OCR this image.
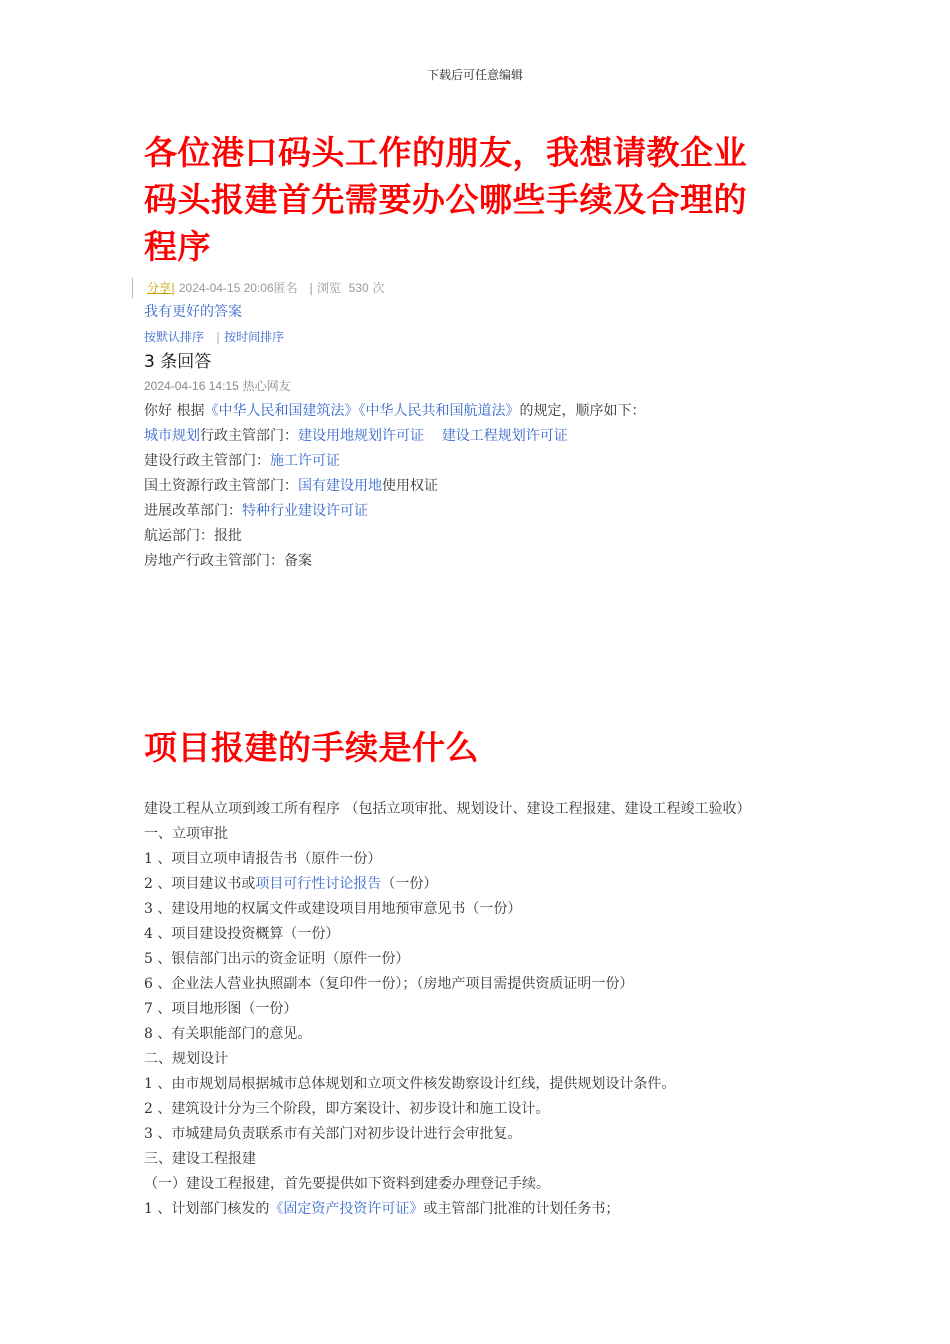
下载后可任意编辑
各位港口码头工作的朋友，我想请教企业
码头报建首先需要办公哪些手续及合理的
程序
分享| 2024-04-15 20:06匿名 | 浏览 530 次
我有更好的答案
按默认排序 | 按时间排序
3 条回答
2024-04-16 14:15 热心网友
你好 根据《中华人民和国建筑法》《中华人民共和国航道法》的规定，顺序如下：
城市规划行政主管部门：建设用地规划许可证 建设工程规划许可证
建设行政主管部门：施工许可证
国土资源行政主管部门：国有建设用地使用权证
进展改革部门：特种行业建设许可证
航运部门：报批
房地产行政主管部门：备案
项目报建的手续是什么
建设工程从立项到竣工所有程序 （包括立项审批、规划设计、建设工程报建、建设工程竣工验收）
一、立项审批
1 、项目立项申请报告书（原件一份）
2 、项目建议书或项目可行性讨论报告（一份）
3 、建设用地的权属文件或建设项目用地预审意见书（一份）
4 、项目建设投资概算（一份）
5 、银信部门出示的资金证明（原件一份）
6 、企业法人营业执照副本（复印件一份）；（房地产项目需提供资质证明一份）
7 、项目地形图（一份）
8 、有关职能部门的意见。
二、规划设计
1 、由市规划局根据城市总体规划和立项文件核发勘察设计红线，提供规划设计条件。
2 、建筑设计分为三个阶段，即方案设计、初步设计和施工设计。
3 、市城建局负责联系市有关部门对初步设计进行会审批复。
三、建设工程报建
（一）建设工程报建，首先要提供如下资料到建委办理登记手续。
1 、计划部门核发的《固定资产投资许可证》或主管部门批准的计划任务书；
